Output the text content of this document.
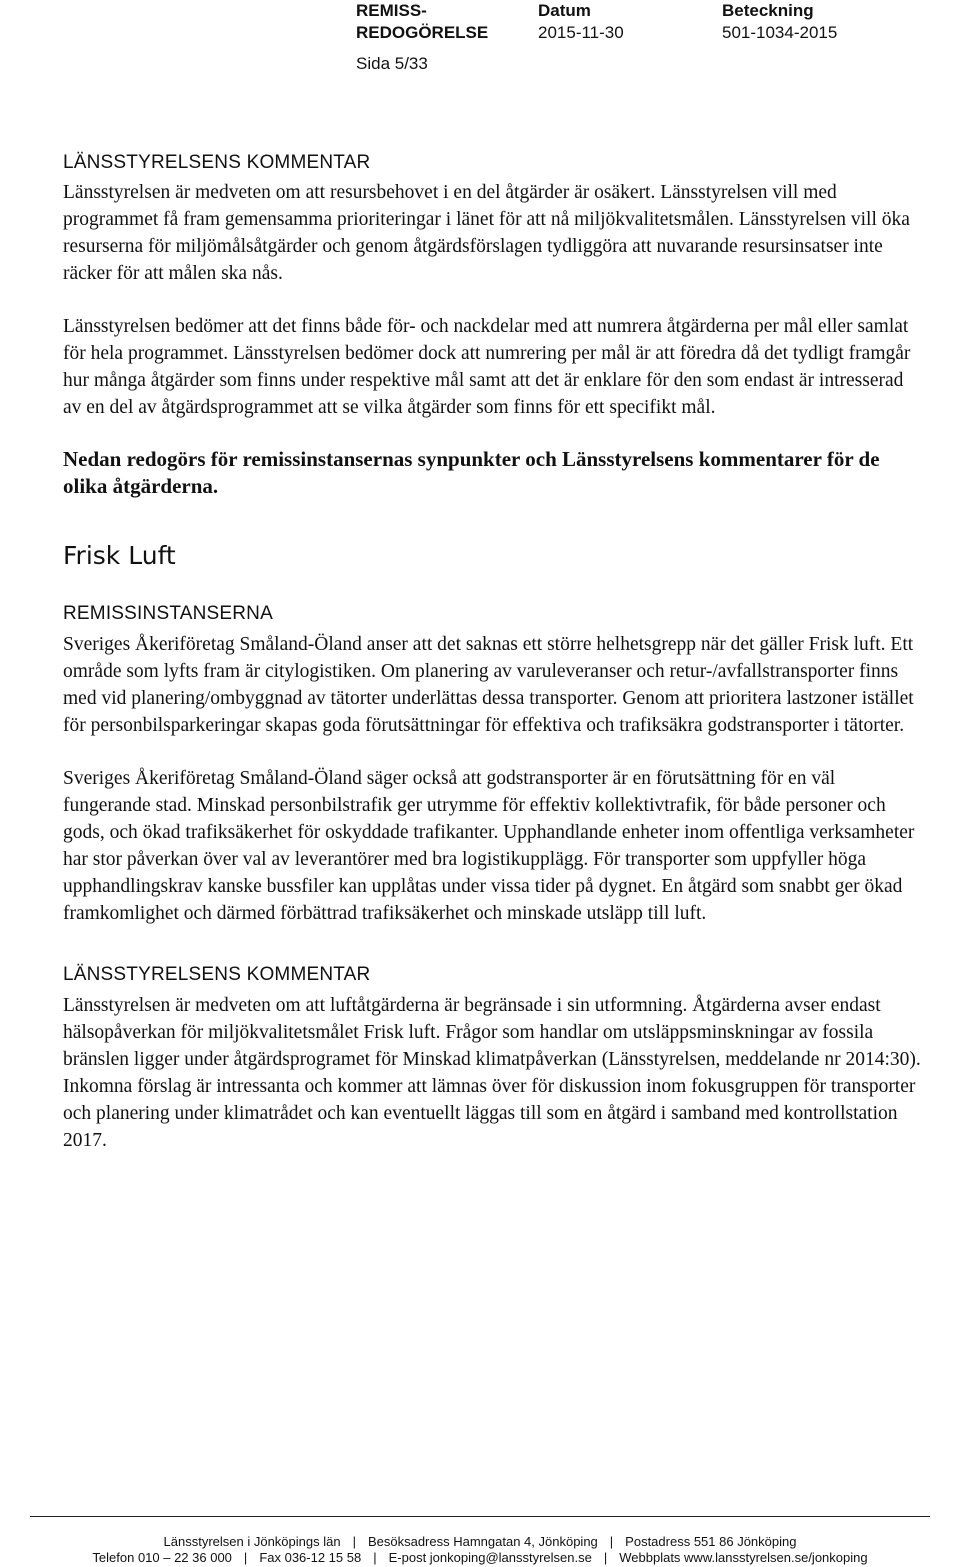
REMISS-REDOGÖRELSE
Datum
2015-11-30
Beteckning
501-1034-2015
Sida 5/33

LÄNSSTYRELSENS KOMMENTAR

Länsstyrelsen är medveten om att resursbehovet i en del åtgärder är osäkert. Länsstyrelsen vill med programmet få fram gemensamma prioriteringar i länet för att nå miljökvalitetsmålen. Länsstyrelsen vill öka resurserna för miljömålsåtgärder och genom åtgärdsförslagen tydliggöra att nuvarande resursinsatser inte räcker för att målen ska nås.

Länsstyrelsen bedömer att det finns både för- och nackdelar med att numrera åtgärderna per mål eller samlat för hela programmet. Länsstyrelsen bedömer dock att numrering per mål är att föredra då det tydligt framgår hur många åtgärder som finns under respektive mål samt att det är enklare för den som endast är intresserad av en del av åtgärdsprogrammet att se vilka åtgärder som finns för ett specifikt mål.

Nedan redogörs för remissinstansernas synpunkter och Länsstyrelsens kommentarer för de olika åtgärderna.

Frisk Luft

REMISSINSTANSERNA

Sveriges Åkeriföretag Småland-Öland anser att det saknas ett större helhetsgrepp när det gäller Frisk luft. Ett område som lyfts fram är citylogistiken. Om planering av varuleveranser och retur-/avfallstransporter finns med vid planering/ombyggnad av tätorter underlättas dessa transporter. Genom att prioritera lastzoner istället för personbilsparkeringar skapas goda förutsättningar för effektiva och trafiksäkra godstransporter i tätorter.

Sveriges Åkeriföretag Småland-Öland säger också att godstransporter är en förutsättning för en väl fungerande stad. Minskad personbilstrafik ger utrymme för effektiv kollektivtrafik, för både personer och gods, och ökad trafiksäkerhet för oskyddade trafikanter. Upphandlande enheter inom offentliga verksamheter har stor påverkan över val av leverantörer med bra logistikupplägg. För transporter som uppfyller höga upphandlingskrav kanske bussfiler kan upplåtas under vissa tider på dygnet. En åtgärd som snabbt ger ökad framkomlighet och därmed förbättrad trafiksäkerhet och minskade utsläpp till luft.

LÄNSSTYRELSENS KOMMENTAR

Länsstyrelsen är medveten om att luftåtgärderna är begränsade i sin utformning. Åtgärderna avser endast hälsopåverkan för miljökvalitetsmålet Frisk luft. Frågor som handlar om utsläppsminskningar av fossila bränslen ligger under åtgärdsprogramet för Minskad klimatpåverkan (Länsstyrelsen, meddelande nr 2014:30). Inkomna förslag är intressanta och kommer att lämnas över för diskussion inom fokusgruppen för transporter och planering under klimatrådet och kan eventuellt läggas till som en åtgärd i samband med kontrollstation 2017.

Länsstyrelsen i Jönköpings län | Besöksadress Hamngatan 4, Jönköping | Postadress 551 86 Jönköping
Telefon 010 – 22 36 000 | Fax 036-12 15 58 | E-post jonkoping@lansstyrelsen.se | Webbplats www.lansstyrelsen.se/jonkoping
